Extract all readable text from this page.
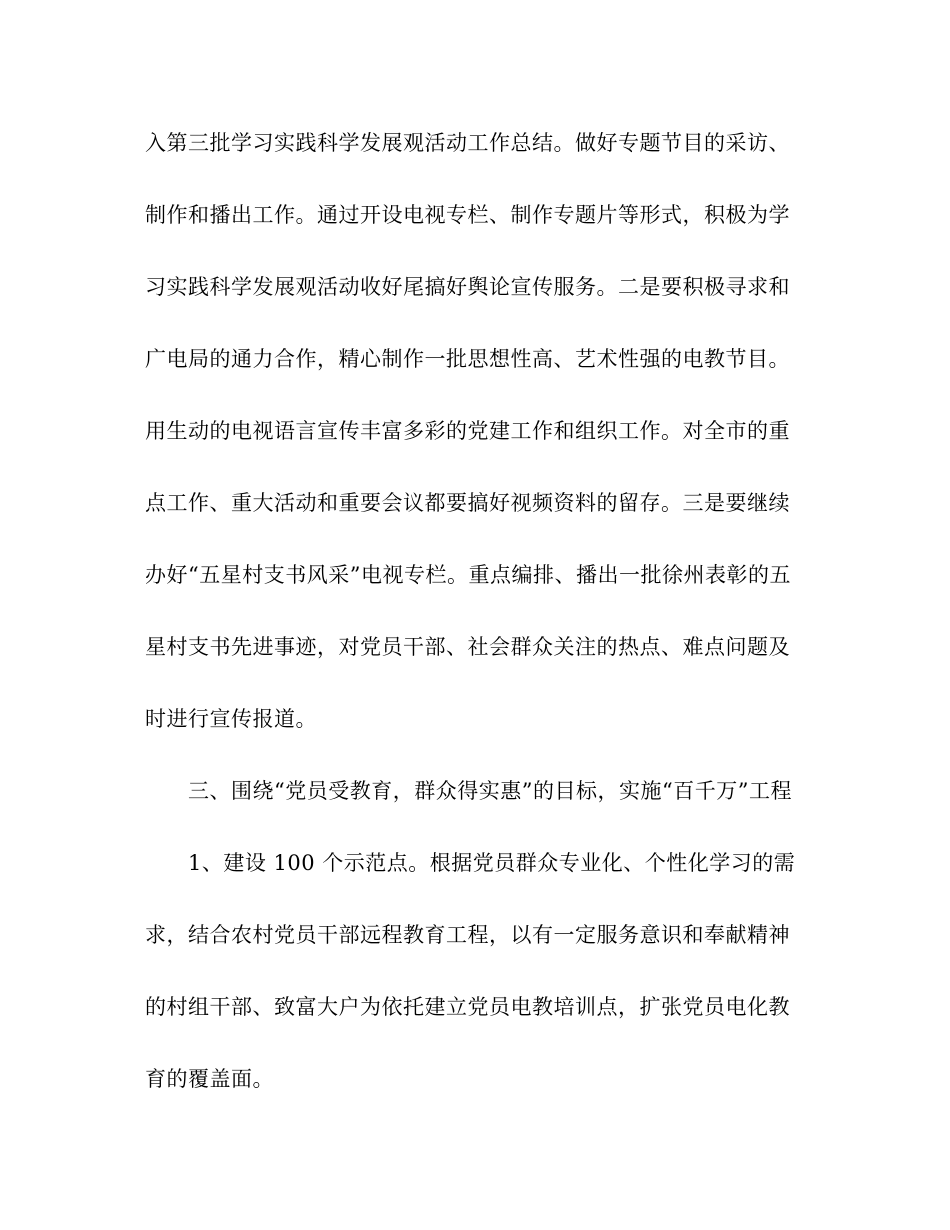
入第三批学习实践科学发展观活动工作总结。做好专题节目的采访、
制作和播出工作。通过开设电视专栏、制作专题片等形式，积极为学
习实践科学发展观活动收好尾搞好舆论宣传服务。二是要积极寻求和
广电局的通力合作，精心制作一批思想性高、艺术性强的电教节目。
用生动的电视语言宣传丰富多彩的党建工作和组织工作。对全市的重
点工作、重大活动和重要会议都要搞好视频资料的留存。三是要继续
办好“五星村支书风采”电视专栏。重点编排、播出一批徐州表彰的五
星村支书先进事迹，对党员干部、社会群众关注的热点、难点问题及
时进行宣传报道。
三、围绕“党员受教育，群众得实惠”的目标，实施“百千万”工程
1、建设 100 个示范点。根据党员群众专业化、个性化学习的需
求，结合农村党员干部远程教育工程，以有一定服务意识和奉献精神
的村组干部、致富大户为依托建立党员电教培训点，扩张党员电化教
育的覆盖面。
